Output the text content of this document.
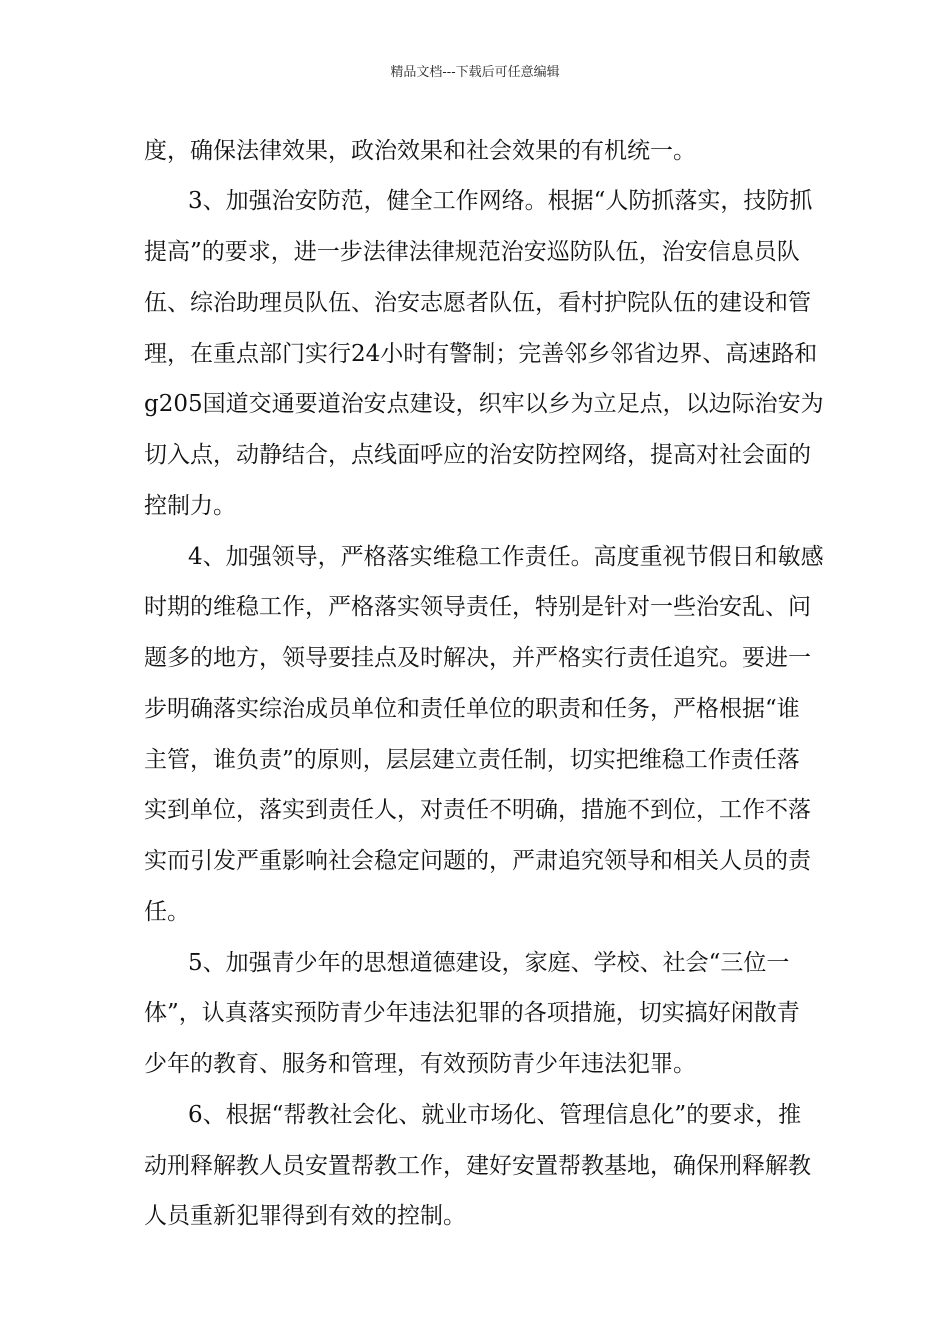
精品文档---下载后可任意编辑
度，确保法律效果，政治效果和社会效果的有机统一。
3、加强治安防范，健全工作网络。根据“人防抓落实，技防抓
提高”的要求，进一步法律法律规范治安巡防队伍，治安信息员队
伍、综治助理员队伍、治安志愿者队伍，看村护院队伍的建设和管
理，在重点部门实行24小时有警制；完善邻乡邻省边界、高速路和
g205国道交通要道治安点建设，织牢以乡为立足点，以边际治安为
切入点，动静结合，点线面呼应的治安防控网络，提高对社会面的
控制力。
4、加强领导，严格落实维稳工作责任。高度重视节假日和敏感
时期的维稳工作，严格落实领导责任，特别是针对一些治安乱、问
题多的地方，领导要挂点及时解决，并严格实行责任追究。要进一
步明确落实综治成员单位和责任单位的职责和任务，严格根据“谁
主管，谁负责”的原则，层层建立责任制，切实把维稳工作责任落
实到单位，落实到责任人，对责任不明确，措施不到位，工作不落
实而引发严重影响社会稳定问题的，严肃追究领导和相关人员的责
任。
5、加强青少年的思想道德建设，家庭、学校、社会“三位一
体”，认真落实预防青少年违法犯罪的各项措施，切实搞好闲散青
少年的教育、服务和管理，有效预防青少年违法犯罪。
6、根据“帮教社会化、就业市场化、管理信息化”的要求，推
动刑释解教人员安置帮教工作，建好安置帮教基地，确保刑释解教
人员重新犯罪得到有效的控制。
